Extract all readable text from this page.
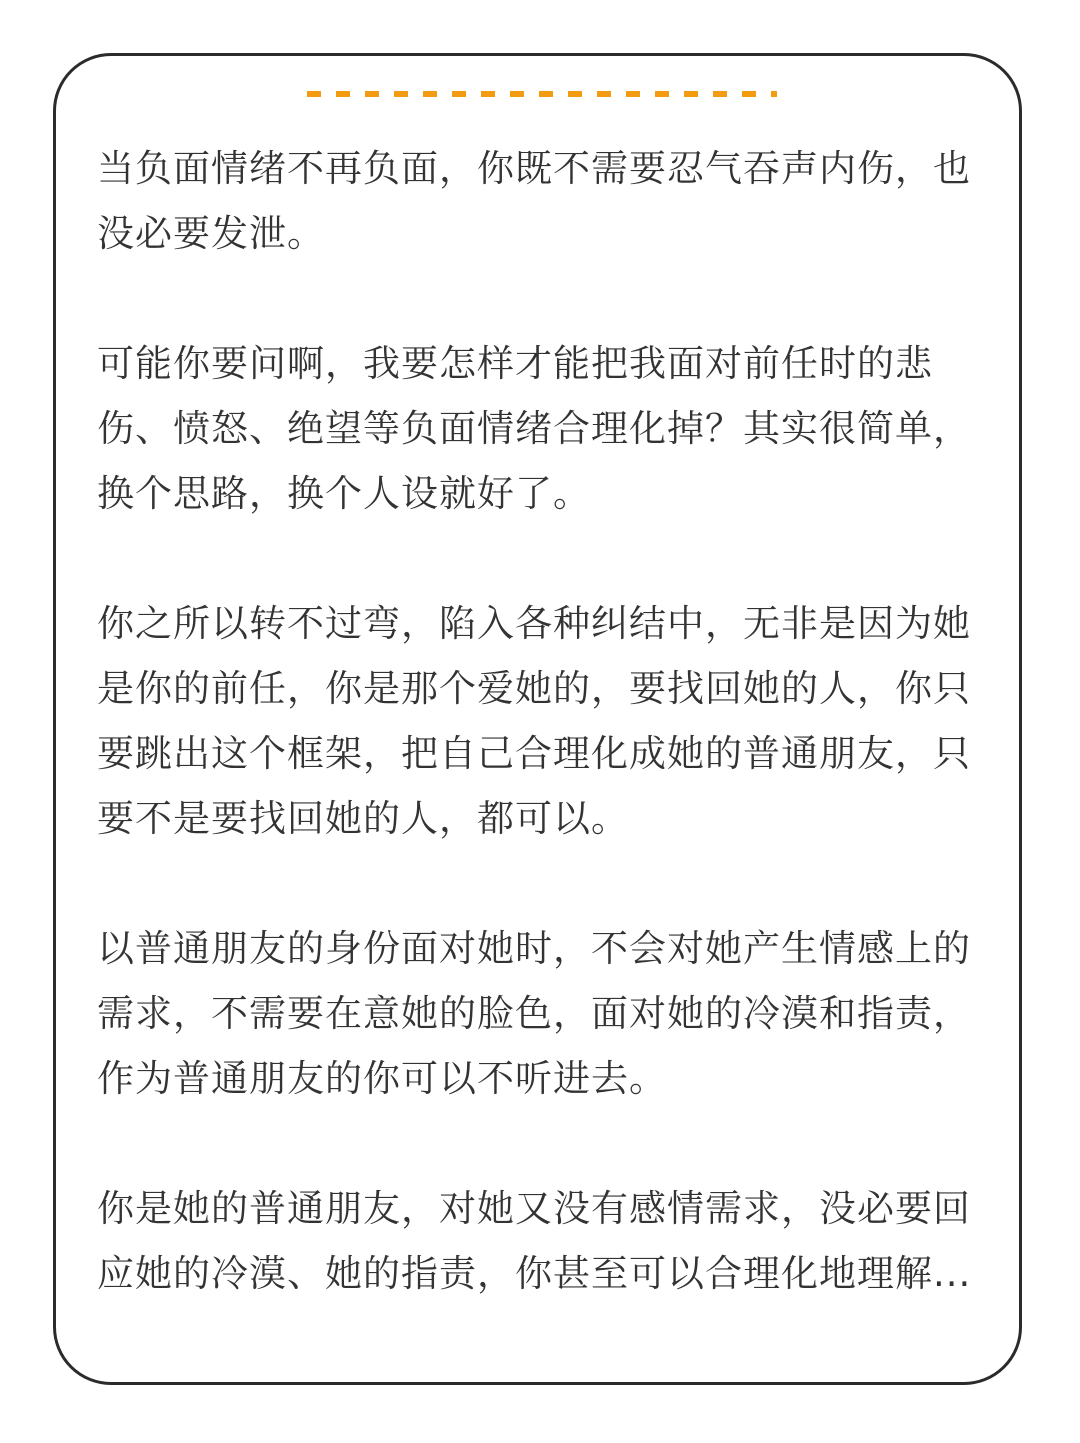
当负面情绪不再负面，你既不需要忍气吞声内伤，也没必要发泄。

可能你要问啊，我要怎样才能把我面对前任时的悲伤、愤怒、绝望等负面情绪合理化掉？其实很简单，换个思路，换个人设就好了。

你之所以转不过弯，陷入各种纠结中，无非是因为她是你的前任，你是那个爱她的，要找回她的人，你只要跳出这个框架，把自己合理化成她的普通朋友，只要不是要找回她的人，都可以。

以普通朋友的身份面对她时，不会对她产生情感上的需求，不需要在意她的脸色，面对她的冷漠和指责，作为普通朋友的你可以不听进去。

你是她的普通朋友，对她又没有感情需求，没必要回应她的冷漠、她的指责，你甚至可以合理化地理解...
